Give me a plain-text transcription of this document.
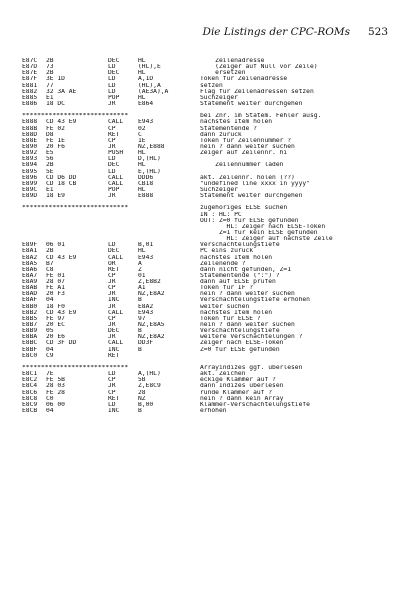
Die Listings der CPC-ROMs 523
E87C	2B	DEC	HL	Zeilenadresse
E87D	73	LD	(HL),E	(Zeiger auf Null vor Zeile)
E87E	2B	DEC	HL	ersetzen
E87F	3E 1D	LD	A,1D	Token für Zeilenadresse
E881	77	LD	(HL),A	setzen
E882	32 3A AE	LD	(AE3A),A	Flag für Zeilenadressen setzen
E885	E1	POP	HL	Suchzeiger
E886	18 DC	JR	E864	Statement weiter durchgehen
****************************	bei Znr. im Statem. Fehler ausg.
E888	CD 43 E9	CALL	E943	nächstes Item holen
E88B	FE 02	CP	02	Statementende ?
E88D	D8	RET	C	dann zurück
E88E	FE 1E	CP	1E	Token für Zeilennummer ?
E890	20 F6	JR	NZ,E888	nein ? dann weiter suchen
E892	E5	PUSH	HL	Zeiger auf Zeilennr. hi
E893	56	LD	D,(HL)
E894	2B	DEC	HL	Zeilennummer laden
E895	5E	LD	E,(HL)
E896	CD D6 DD	CALL	DDD6	akt. Zeilennr. holen (??)
E899	CD 18 CB	CALL	CB18	"undefined line xxxx in yyyy"
E89C	E1	POP	HL	Suchzeiger
E89D	18 E9	JR	E888	Statement weiter durchgehen
****************************	zugehöriges ELSE suchen
IN : HL: PC
OUT: Z=0 für ELSE gefunden
HL: Zeiger nach ELSE-Token
Z=1 für kein ELSE gefunden
HL: Zeiger auf nächste Zeile
E89F	06 01	LD	B,01	Verschachtelungstiefe
E8A1	2B	DEC	HL	PC eins zurück
E8A2	CD 43 E9	CALL	E943	nächstes Item holen
E8A5	B7	OR	A	Zeilenende ?
E8A6	C8	RET	Z	dann nicht gefunden, Z=1
E8A7	FE 01	CP	01	Statementende (":") ?
E8A9	28 07	JR	Z,E8B2	dann auf ELSE prüfen
E8AB	FE A1	CP	A1	Token für IF ?
E8AD	20 F3	JR	NZ,E8A2	nein ? dann weiter suchen
E8AF	04	INC	B	Verschachtelungstiefe erhöhen
E8B0	18 F0	JR	E8A2	weiter suchen
E8B2	CD 43 E9	CALL	E943	nächstes Item holen
E8B5	FE 97	CP	97	Token für ELSE ?
E8B7	20 EC	JR	NZ,E8A5	nein ? dann weiter suchen
E8B9	05	DEC	B	Verschachtelungstiefe
E8BA	20 E6	JR	NZ,E8A2	weitere Verschachtelungen ?
E8BC	CD 3F DD	CALL	DD3F	Zeiger nach ELSE-Token
E8BF	04	INC	B	Z=0 für ELSE gefunden
E8C0	C9	RET
****************************	Arrayindizes ggf. überlesen
E8C1	7E	LD	A,(HL)	akt. Zeichen
E8C2	FE 5B	CP	5B	eckige Klammer auf ?
E8C4	28 03	JR	Z,E8C9	dann Indizes überlesen
E8C6	FE 28	CP	28	runde Klammer auf ?
E8C8	C0	RET	NZ	nein ? dann kein Array
E8C9	06 00	LD	B,00	Klammer-Verschachtelungstiefe
E8CB	04	INC	B	erhöhen
